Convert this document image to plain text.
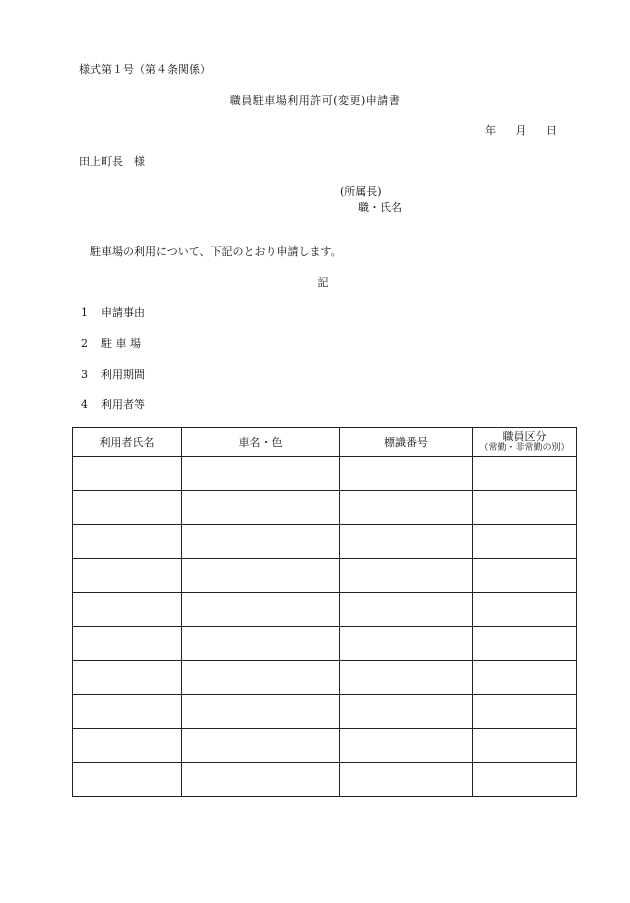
様式第１号（第４条関係）
職員駐車場利用許可(変更)申請書
年 月 日
田上町長　様
(所属長)
職・氏名
駐車場の利用について、下記のとおり申請します。
記
1 申請事由
2 駐 車 場
3 利用期間
4 利用者等
利用者氏名	車名・色	標識番号	職員区分
（常勤・非常勤の別）
